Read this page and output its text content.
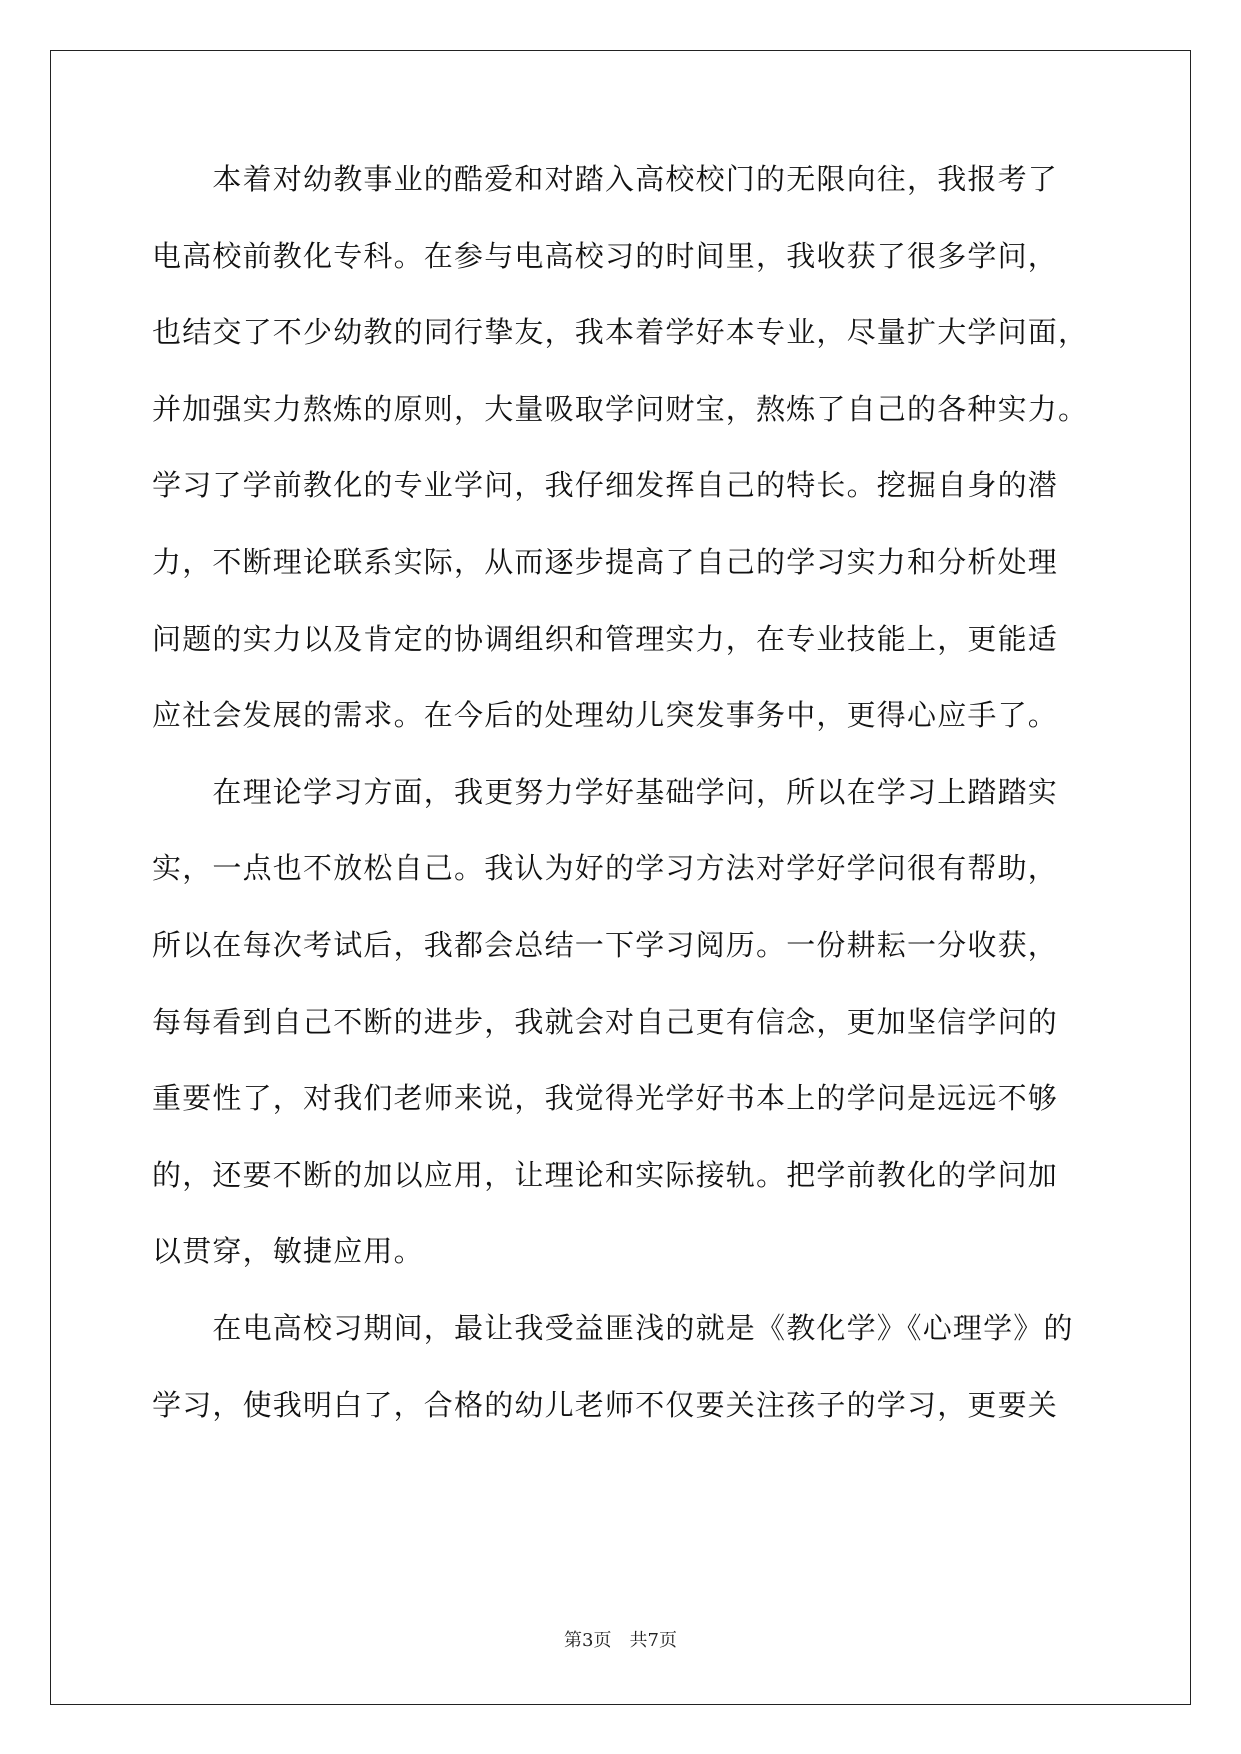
　　本着对幼教事业的酷爱和对踏入高校校门的无限向往，我报考了
电高校前教化专科。在参与电高校习的时间里，我收获了很多学问，
也结交了不少幼教的同行挚友，我本着学好本专业，尽量扩大学问面，
并加强实力熬炼的原则，大量吸取学问财宝，熬炼了自己的各种实力。
学习了学前教化的专业学问，我仔细发挥自己的特长。挖掘自身的潜
力，不断理论联系实际，从而逐步提高了自己的学习实力和分析处理
问题的实力以及肯定的协调组织和管理实力，在专业技能上，更能适
应社会发展的需求。在今后的处理幼儿突发事务中，更得心应手了。
　　在理论学习方面，我更努力学好基础学问，所以在学习上踏踏实
实，一点也不放松自己。我认为好的学习方法对学好学问很有帮助，
所以在每次考试后，我都会总结一下学习阅历。一份耕耘一分收获，
每每看到自己不断的进步，我就会对自己更有信念，更加坚信学问的
重要性了，对我们老师来说，我觉得光学好书本上的学问是远远不够
的，还要不断的加以应用，让理论和实际接轨。把学前教化的学问加
以贯穿，敏捷应用。
　　在电高校习期间，最让我受益匪浅的就是《教化学》《心理学》的
学习，使我明白了，合格的幼儿老师不仅要关注孩子的学习，更要关
第3页　共7页
